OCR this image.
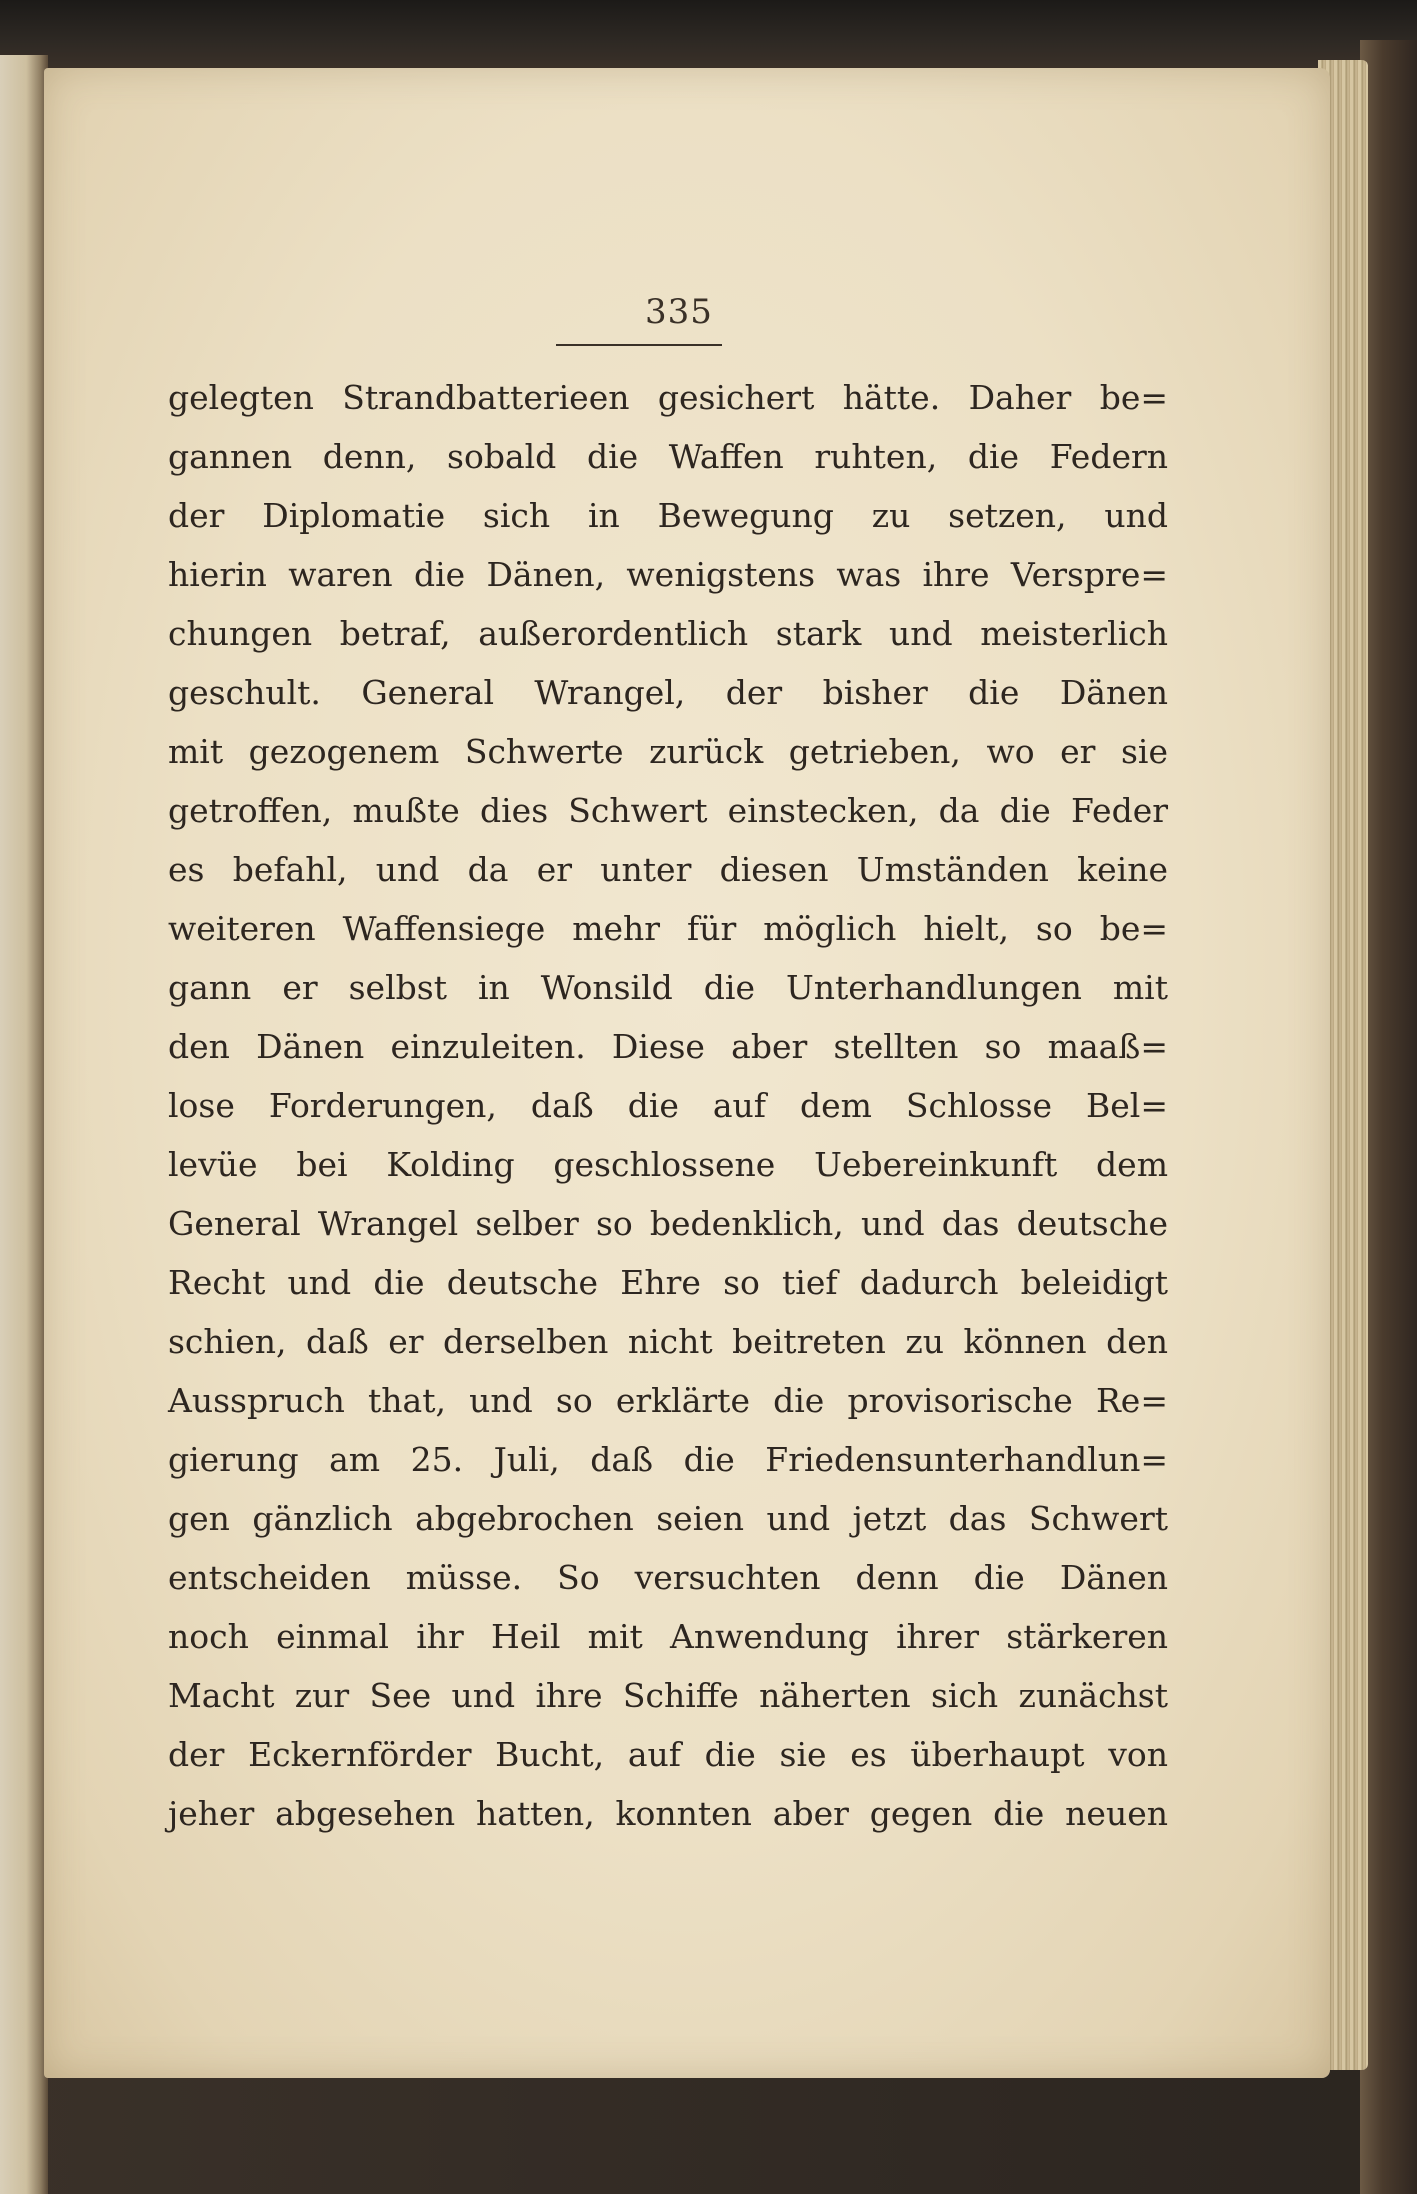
335
gelegten Strandbatterieen gesichert hätte. Daher be=
gannen denn, sobald die Waffen ruhten, die Federn
der Diplomatie sich in Bewegung zu setzen, und
hierin waren die Dänen, wenigstens was ihre Verspre=
chungen betraf, außerordentlich stark und meisterlich
geschult. General Wrangel, der bisher die Dänen
mit gezogenem Schwerte zurück getrieben, wo er sie
getroffen, mußte dies Schwert einstecken, da die Feder
es befahl, und da er unter diesen Umständen keine
weiteren Waffensiege mehr für möglich hielt, so be=
gann er selbst in Wonsild die Unterhandlungen mit
den Dänen einzuleiten. Diese aber stellten so maaß=
lose Forderungen, daß die auf dem Schlosse Bel=
levüe bei Kolding geschlossene Uebereinkunft dem
General Wrangel selber so bedenklich, und das deutsche
Recht und die deutsche Ehre so tief dadurch beleidigt
schien, daß er derselben nicht beitreten zu können den
Ausspruch that, und so erklärte die provisorische Re=
gierung am 25. Juli, daß die Friedensunterhandlun=
gen gänzlich abgebrochen seien und jetzt das Schwert
entscheiden müsse. So versuchten denn die Dänen
noch einmal ihr Heil mit Anwendung ihrer stärkeren
Macht zur See und ihre Schiffe näherten sich zunächst
der Eckernförder Bucht, auf die sie es überhaupt von
jeher abgesehen hatten, konnten aber gegen die neuen
